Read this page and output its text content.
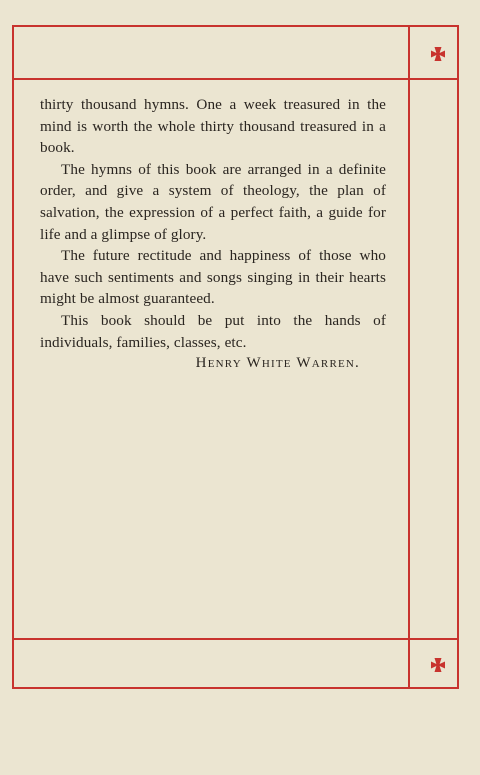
thirty thousand hymns. One a week treasured in the mind is worth the whole thirty thousand treasured in a book.

The hymns of this book are arranged in a definite order, and give a system of theology, the plan of salvation, the expression of a perfect faith, a guide for life and a glimpse of glory.

The future rectitude and happiness of those who have such sentiments and songs singing in their hearts might be almost guaranteed.

This book should be put into the hands of individuals, families, classes, etc.

Henry White Warren.
